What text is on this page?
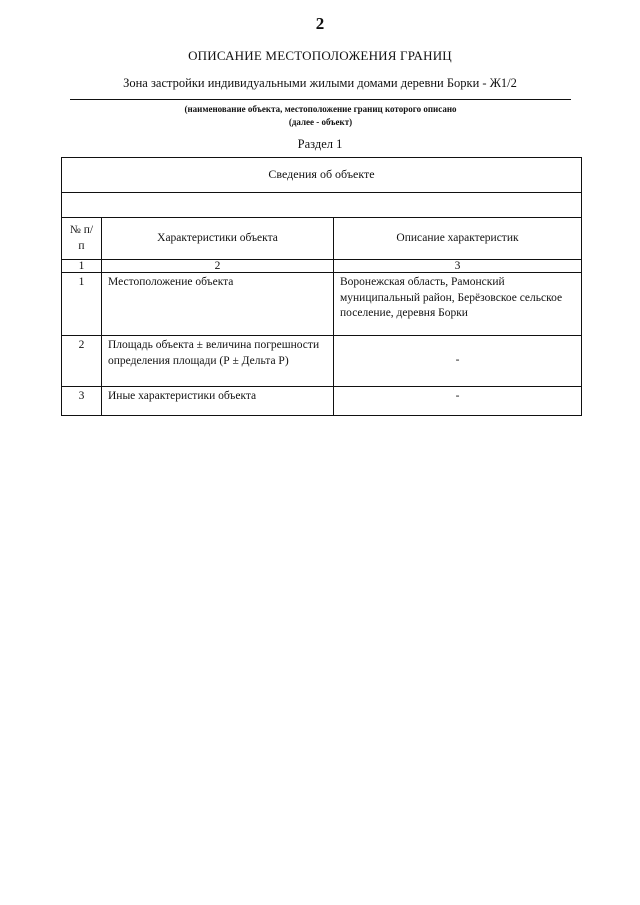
2
ОПИСАНИЕ МЕСТОПОЛОЖЕНИЯ ГРАНИЦ
Зона застройки индивидуальными жилыми домами деревни Борки - Ж1/2
(наименование объекта, местоположение границ которого описано
(далее - объект)
Раздел 1
Сведения об объекте		

№ п/п	Характеристики объекта	Описание характеристик
1	2	3
1	Местоположение объекта	Воронежская область, Рамонский муниципальный район, Берёзовское сельское поселение, деревня Борки
2	Площадь объекта ± величина погрешности определения площади (Р ± Дельта Р)	-
3	Иные характеристики объекта	-
